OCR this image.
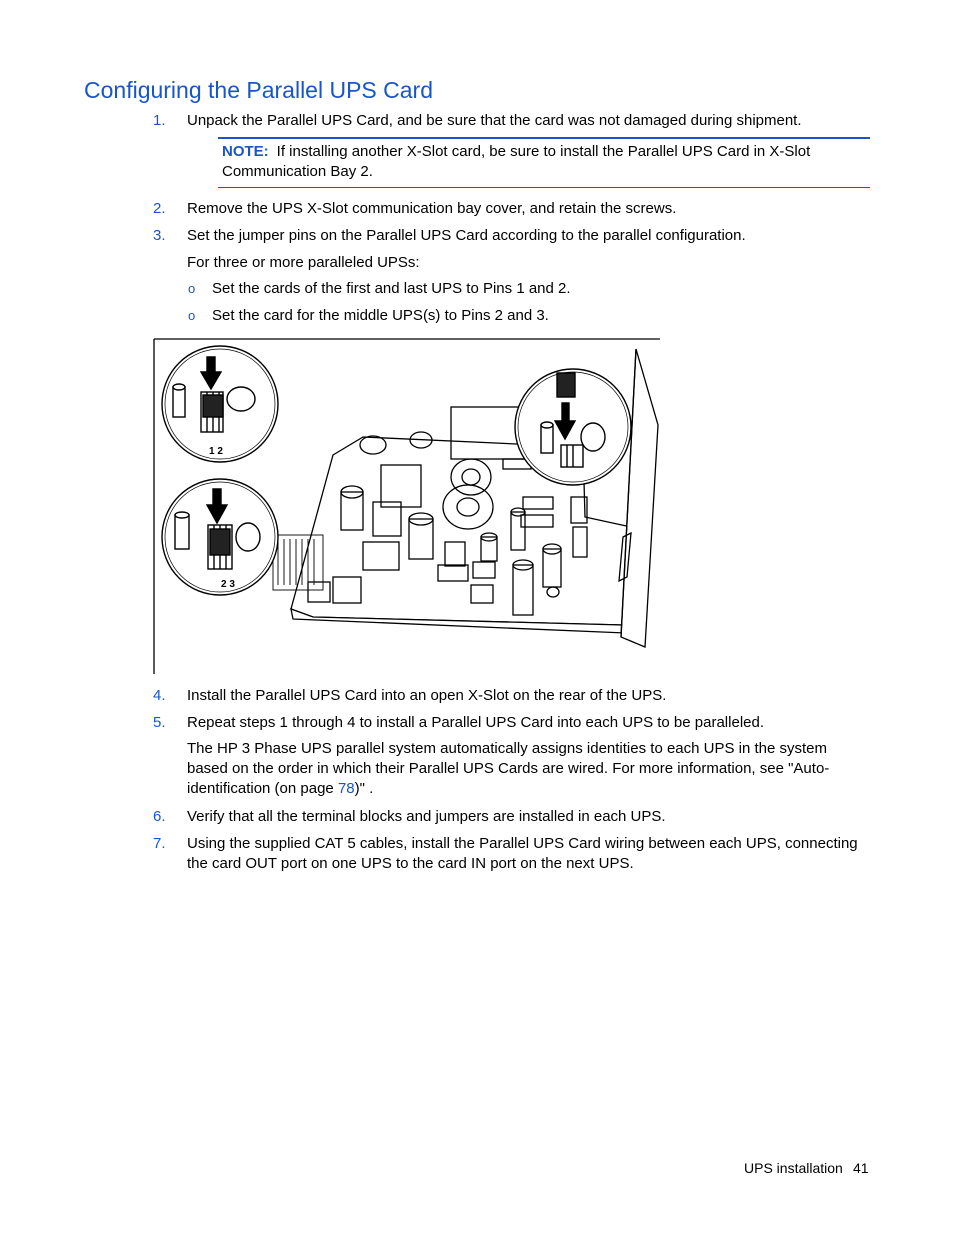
Configuring the Parallel UPS Card
1.	Unpack the Parallel UPS Card, and be sure that the card was not damaged during shipment.
NOTE: If installing another X-Slot card, be sure to install the Parallel UPS Card in X-Slot Communication Bay 2.
2.	Remove the UPS X-Slot communication bay cover, and retain the screws.
3.	Set the jumper pins on the Parallel UPS Card according to the parallel configuration.
For three or more paralleled UPSs:
o Set the cards of the first and last UPS to Pins 1 and 2.
o Set the card for the middle UPS(s) to Pins 2 and 3.
1 2
2 3
4.	Install the Parallel UPS Card into an open X-Slot on the rear of the UPS.
5.	Repeat steps 1 through 4 to install a Parallel UPS Card into each UPS to be paralleled.
The HP 3 Phase UPS parallel system automatically assigns identities to each UPS in the system based on the order in which their Parallel UPS Cards are wired. For more information, see "Auto-identification (on page 78)" .
6.	Verify that all the terminal blocks and jumpers are installed in each UPS.
7.	Using the supplied CAT 5 cables, install the Parallel UPS Card wiring between each UPS, connecting the card OUT port on one UPS to the card IN port on the next UPS.
UPS installation 41
